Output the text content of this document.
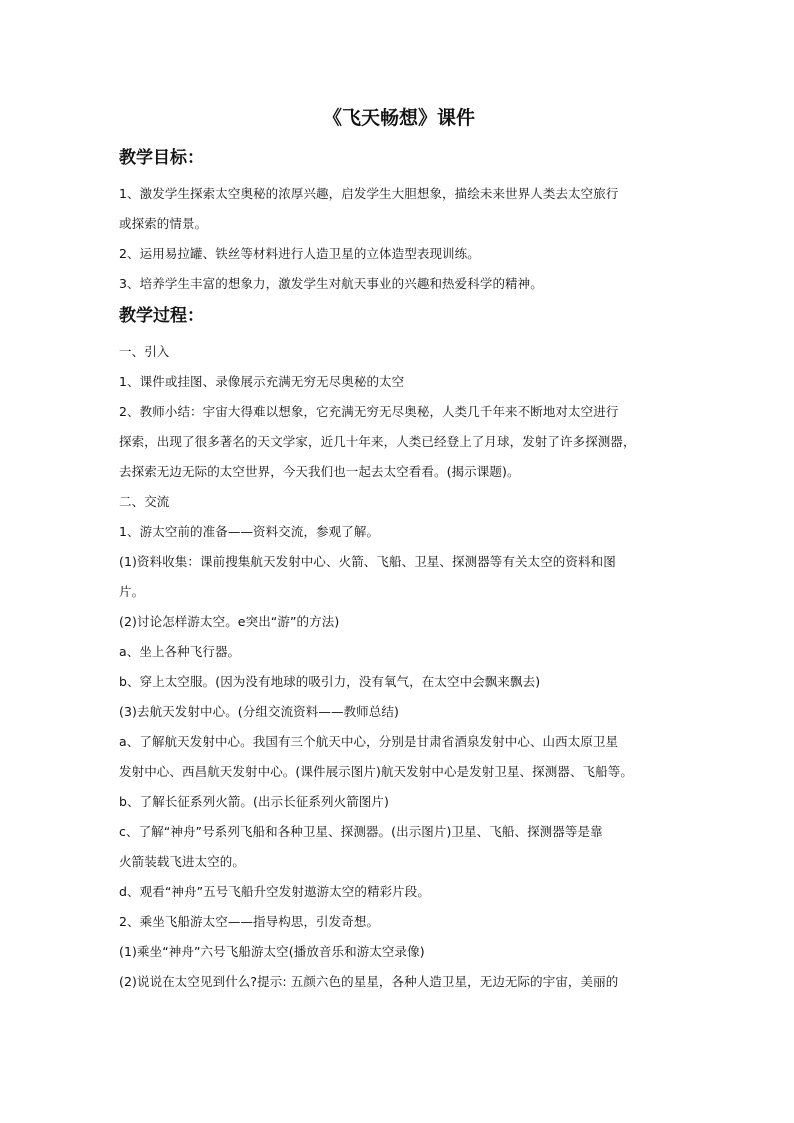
《飞天畅想》课件
教学目标：

1、激发学生探索太空奥秘的浓厚兴趣，启发学生大胆想象，描绘未来世界人类去太空旅行

或探索的情景。

2、运用易拉罐、铁丝等材料进行人造卫星的立体造型表现训练。

3、培养学生丰富的想象力，激发学生对航天事业的兴趣和热爱科学的精神。

教学过程：

一、引入

1、课件或挂图、录像展示充满无穷无尽奥秘的太空

2、教师小结：宇宙大得难以想象，它充满无穷无尽奥秘，人类几千年来不断地对太空进行

探索，出现了很多著名的天文学家，近几十年来，人类已经登上了月球，发射了许多探测器，

去探索无边无际的太空世界，今天我们也一起去太空看看。(揭示课题)。

二、交流

1、游太空前的准备——资料交流，参观了解。

(1)资料收集：课前搜集航天发射中心、火箭、飞船、卫星、探测器等有关太空的资料和图

片。

(2)讨论怎样游太空。e突出“游”的方法)

a、坐上各种飞行器。

b、穿上太空服。(因为没有地球的吸引力，没有氧气，在太空中会飘来飘去)

(3)去航天发射中心。(分组交流资料——教师总结)

a、了解航天发射中心。我国有三个航天中心，分别是甘肃省酒泉发射中心、山西太原卫星

发射中心、西昌航天发射中心。(课件展示图片)航天发射中心是发射卫星、探测器、飞船等。

b、了解长征系列火箭。(出示长征系列火箭图片)

c、了解“神舟”号系列飞船和各种卫星、探测器。(出示图片)卫星、飞船、探测器等是靠

火箭装载飞进太空的。

d、观看“神舟”五号飞船升空发射遨游太空的精彩片段。

2、乘坐飞船游太空——指导构思，引发奇想。

(1)乘坐“神舟”六号飞船游太空(播放音乐和游太空录像)

(2)说说在太空见到什么?提示: 五颜六色的星星，各种人造卫星，无边无际的宇宙，美丽的
